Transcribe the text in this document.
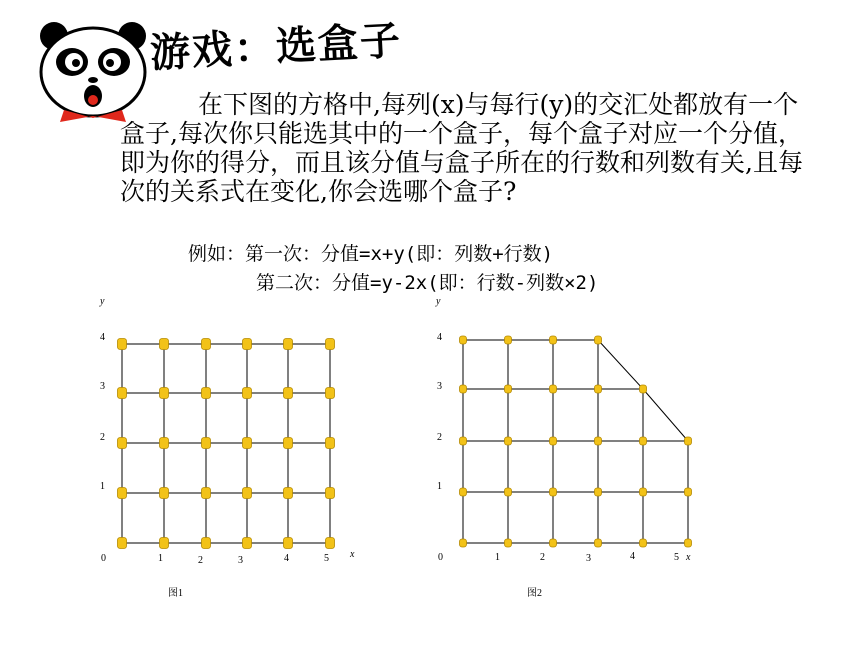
游戏：选盒子
在下图的方格中,每列(x)与每行(y)的交汇处都放有一个盒子,每次你只能选其中的一个盒子，每个盒子对应一个分值，即为你的得分，而且该分值与盒子所在的行数和列数有关,且每次的关系式在变化,你会选哪个盒子?
例如：第一次：分值=x+y(即：列数+行数)
第二次：分值=y-2x(即：行数-列数×2)
y
x
0	1	2	3	4	5
1
2
3
4
图1
y
x
0	1	2	3	4	5
1
2
3
4
图2
